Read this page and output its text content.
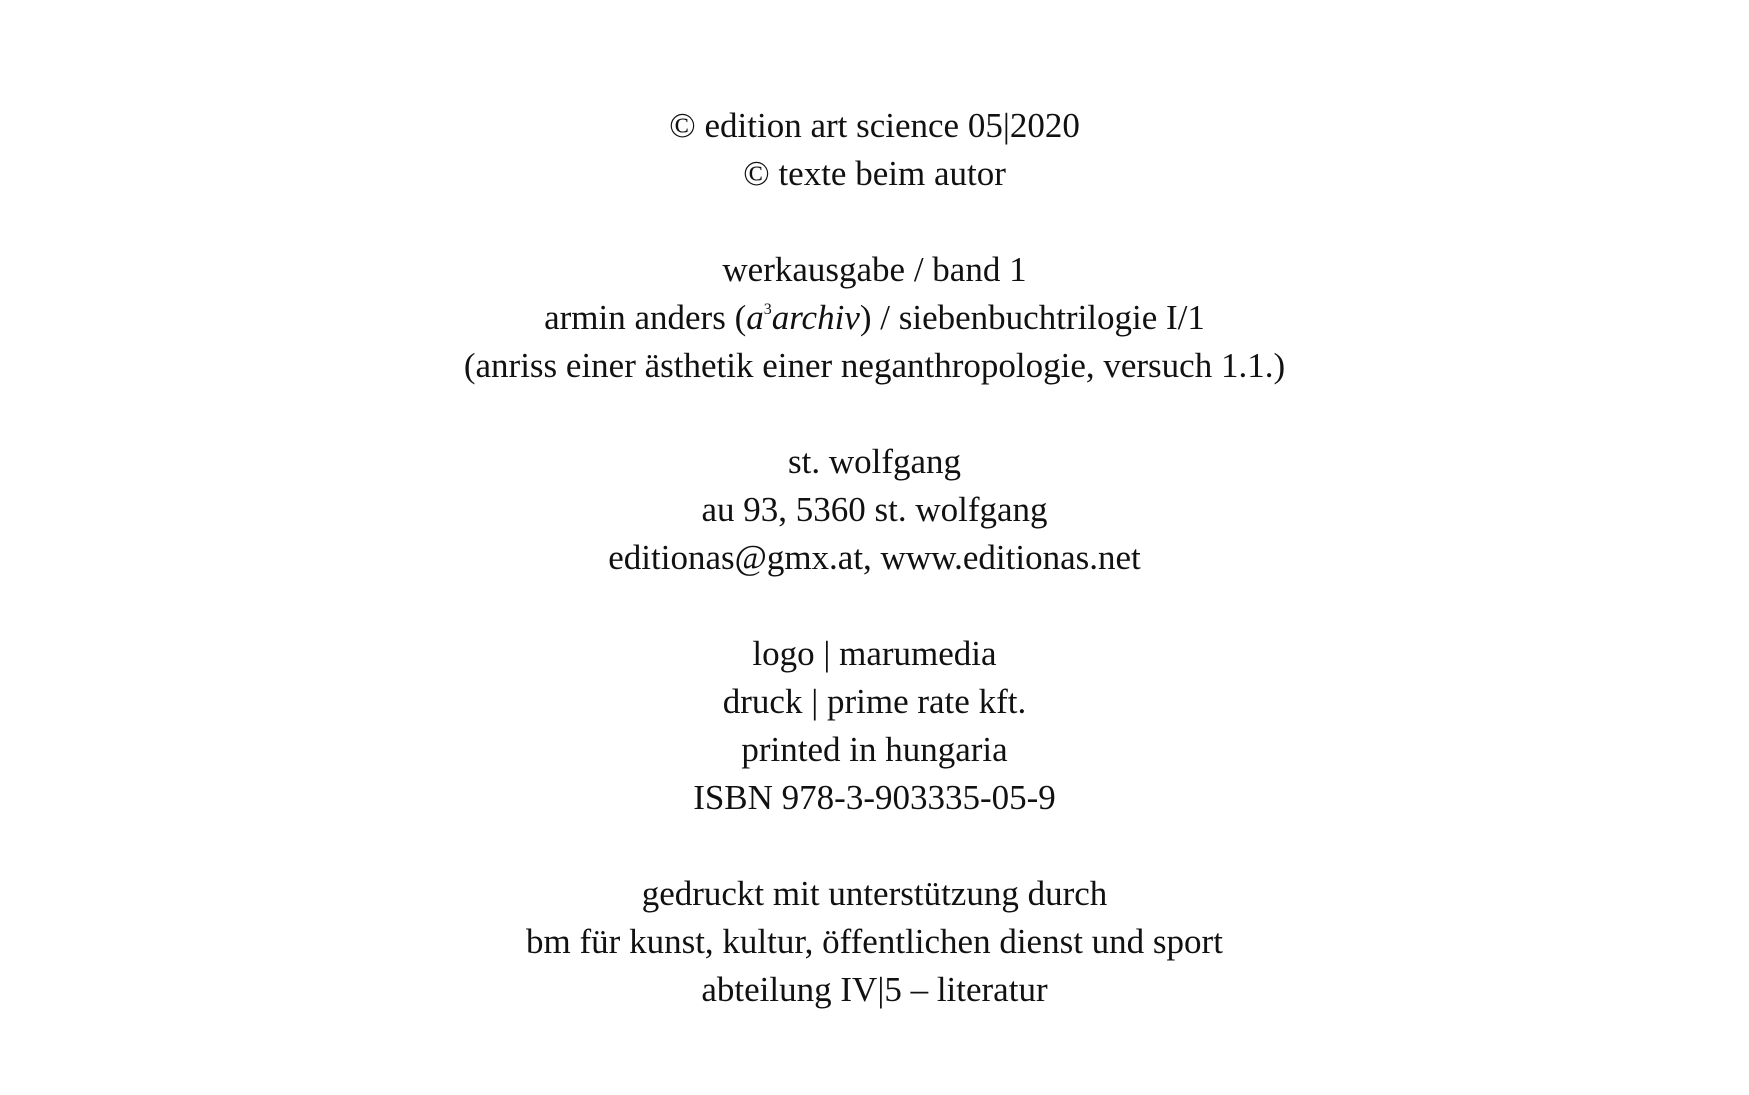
© edition art science 05|2020
© texte beim autor
werkausgabe / band 1
armin anders $(a^3archiv)$ / siebenbuchtrilogie I/1
(anriss einer ästhetik einer neganthropologie, versuch 1.1.)
st. wolfgang
au 93, 5360 st. wolfgang
editionas@gmx.at, www.editionas.net
logo | marumedia
druck | prime rate kft.
printed in hungaria
ISBN 978-3-903335-05-9
gedruckt mit unterstützung durch
bm für kunst, kultur, öffentlichen dienst und sport
abteilung IV|5 – literatur
